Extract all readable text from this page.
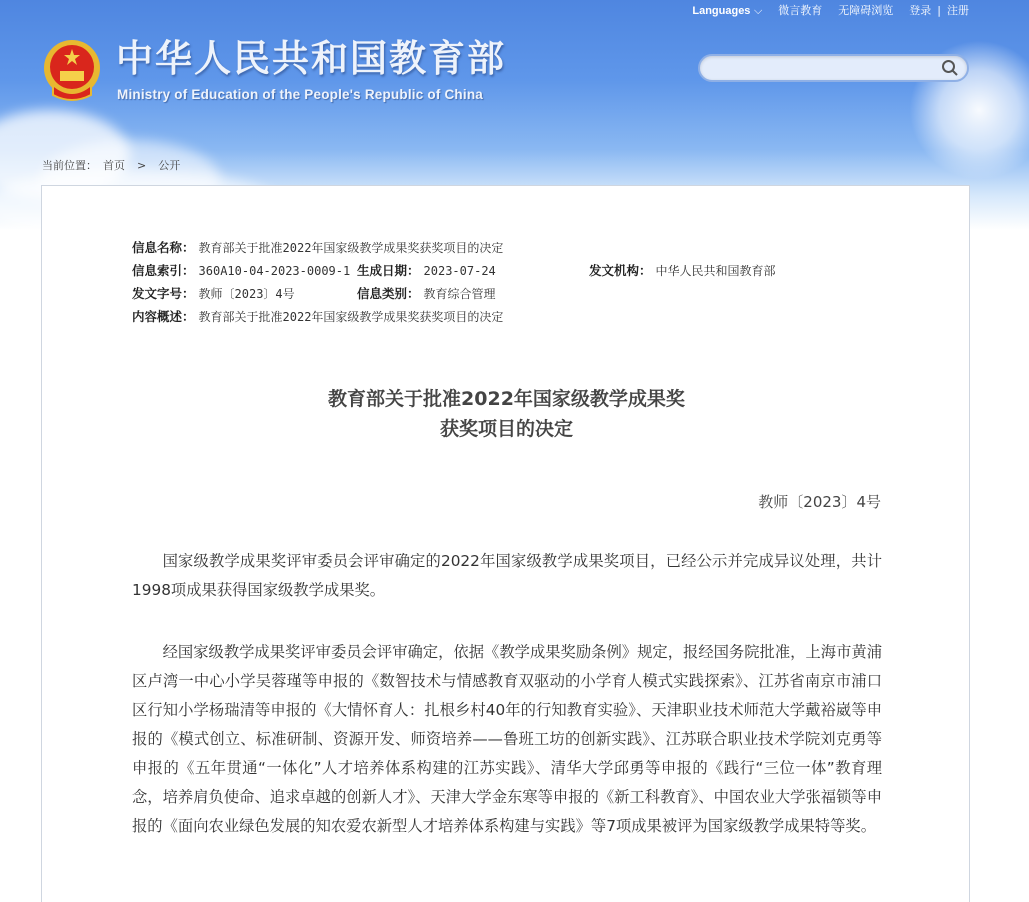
Languages ⌵ 微言教育 无障碍浏览 登录 | 注册
中华人民共和国教育部
Ministry of Education of the People's Republic of China
当前位置： 首页 > 公开
信息名称： 教育部关于批准2022年国家级教学成果奖获奖项目的决定
信息索引： 360A10-04-2023-0009-1 生成日期： 2023-07-24	发文机构： 中华人民共和国教育部
发文字号： 教师〔2023〕4号	信息类别： 教育综合管理
内容概述： 教育部关于批准2022年国家级教学成果奖获奖项目的决定
教育部关于批准2022年国家级教学成果奖
获奖项目的决定
教师〔2023〕4号

国家级教学成果奖评审委员会评审确定的2022年国家级教学成果奖项目，已经公示并完成异议处理，共计1998项成果获得国家级教学成果奖。

经国家级教学成果奖评审委员会评审确定，依据《教学成果奖励条例》规定，报经国务院批准，上海市黄浦区卢湾一中心小学吴蓉瑾等申报的《数智技术与情感教育双驱动的小学育人模式实践探索》、江苏省南京市浦口区行知小学杨瑞清等申报的《大情怀育人：扎根乡村40年的行知教育实验》、天津职业技术师范大学戴裕崴等申报的《模式创立、标准研制、资源开发、师资培养——鲁班工坊的创新实践》、江苏联合职业技术学院刘克勇等申报的《五年贯通“一体化”人才培养体系构建的江苏实践》、清华大学邱勇等申报的《践行“三位一体”教育理念，培养肩负使命、追求卓越的创新人才》、天津大学金东寒等申报的《新工科教育》、中国农业大学张福锁等申报的《面向农业绿色发展的知农爱农新型人才培养体系构建与实践》等7项成果被评为国家级教学成果特等奖。
